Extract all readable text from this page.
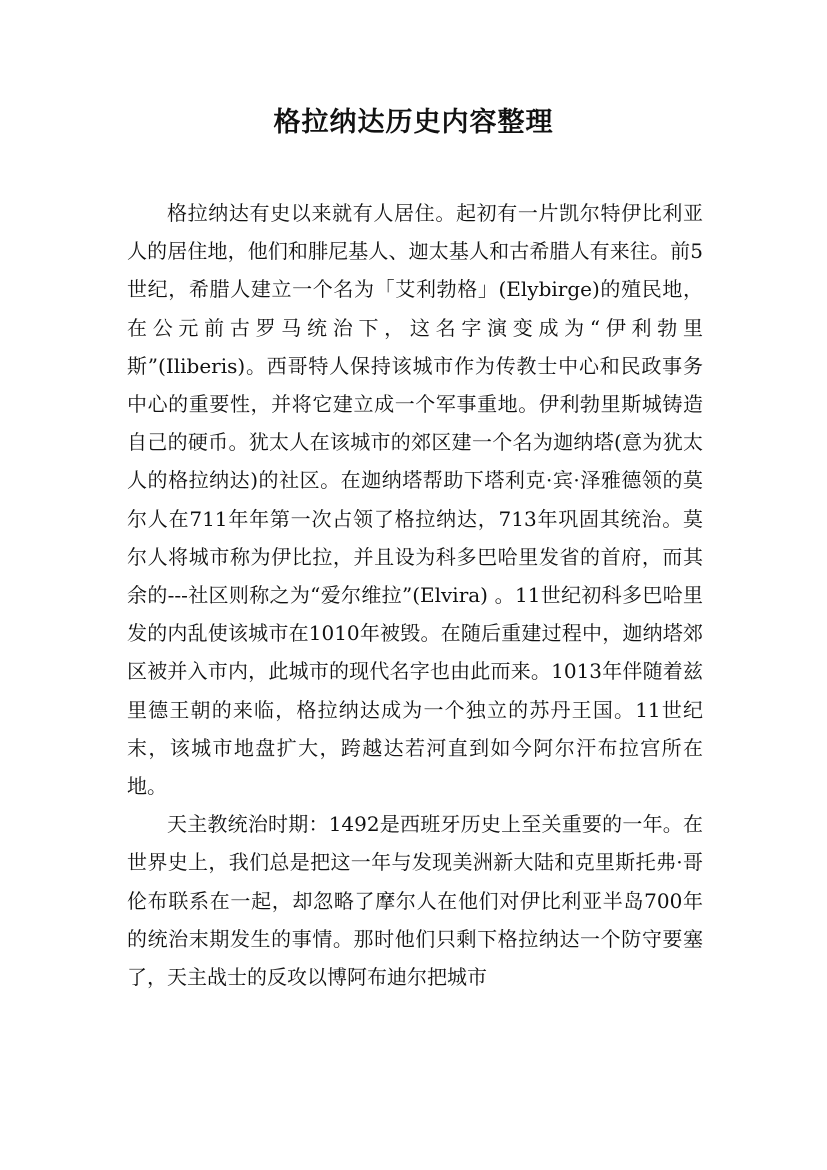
格拉纳达历史内容整理

格拉纳达有史以来就有人居住。起初有一片凯尔特伊比利亚人的居住地，他们和腓尼基人、迦太基人和古希腊人有来往。前5世纪，希腊人建立一个名为「艾利勃格」(Elybirge)的殖民地，在公元前古罗马统治下，这名字演变成为“伊利勃里斯”(Iliberis)。西哥特人保持该城市作为传教士中心和民政事务中心的重要性，并将它建立成一个军事重地。伊利勃里斯城铸造自己的硬币。犹太人在该城市的郊区建一个名为迦纳塔(意为犹太人的格拉纳达)的社区。在迦纳塔帮助下塔利克·宾·泽雅德领的莫尔人在711年年第一次占领了格拉纳达，713年巩固其统治。莫尔人将城市称为伊比拉，并且设为科多巴哈里发省的首府，而其余的---社区则称之为“爱尔维拉”(Elvira) 。11世纪初科多巴哈里发的内乱使该城市在1010年被毁。在随后重建过程中，迦纳塔郊区被并入市内，此城市的现代名字也由此而来。1013年伴随着兹里德王朝的来临，格拉纳达成为一个独立的苏丹王国。11世纪末，该城市地盘扩大，跨越达若河直到如今阿尔汗布拉宫所在地。

天主教统治时期：1492是西班牙历史上至关重要的一年。在世界史上，我们总是把这一年与发现美洲新大陆和克里斯托弗·哥伦布联系在一起，却忽略了摩尔人在他们对伊比利亚半岛700年的统治末期发生的事情。那时他们只剩下格拉纳达一个防守要塞了，天主战士的反攻以博阿布迪尔把城市
